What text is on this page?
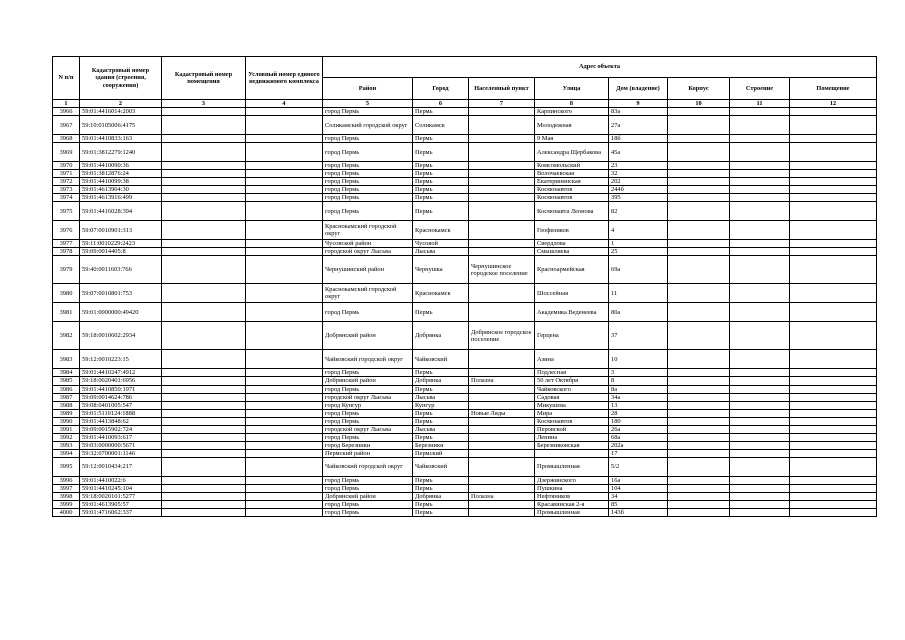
N п/п	Кадастровый номер здания (строения, сооружения)	Кадастровый номер помещения	Условный номер единого недвижимого комплекса	Адрес объекта							
				Район	Город	Населенный пункт	Улица	Дом (владение)	Корпус	Строение	Помещение
1	2	3	4	5	6	7	8	9	10	11	12
3966	59:01:4416014:2003			город Пермь	Пермь		Карпинского	83а			
3967	59:10:0105006:4175			Соликамский городской округ	Соликамск		Молодежная	27а			
3968	59:01:4410833:163			город Пермь	Пермь		9 Мая	18б			
3969	59:01:3812279:1240			город Пермь	Пермь		Александра Щербакова	45а			
3970	59:01:4410090:36			город Пермь	Пермь		Комсомольский	23			
3971	59:01:3812876:24			город Пермь	Пермь		Волочаевская	32			
3972	59:01:4410099:38			город Пермь	Пермь		Екатерининская	202			
3973	59:01:4613904:30			город Пермь	Пермь		Космонавтов	244б			
3974	59:01:4613916:499			город Пермь	Пермь		Космонавтов	395			
3975	59:01:4416028:394			город Пермь	Пермь		Космонавта Леонова	82			
3976	59:07:0010901:313			Краснокамский городской округ	Краснокамск		Геофизиков	4			
3977	59:11:0010229:2423			Чусовской район	Чусовой		Свердлова	1			
3978	59:09:0014405:8			городской округ Лысьва	Лысьва		Смышляева	25			
3979	59:40:0011603:766			Чернушинский район	Чернушка	Чернушинское городское поселение	Красноармейская	69а			
3980	59:07:0010801:753			Краснокамский городской округ	Краснокамск		Шоссейная	11			
3981	59:01:0000000:49420			город Пермь	Пермь		Академика Веденеева	80а			
3982	59:18:0010602:2934			Добрянский район	Добрянка	Добрянское городское поселение	Герцена	37			
3983	59:12:0010223:15			Чайковский городской округ	Чайковский		Азина	10			
3984	59:01:4410247:4912			город Пермь	Пермь		Подлесная	3			
3985	59:18:0020401:6956			Добрянский район	Добрянка	Полазна	50 лет Октября	8			
3986	59:01:4410850:1971			город Пермь	Пермь		Чайковского	8а			
3987	59:09:0014624:786			городской округ Лысьва	Лысьва		Садовая	34а			
3988	59:08:0401005:547			город Кунгур	Кунгур		Микушева	13			
3989	59:01:5110124:1888			город Пермь	Пермь	Новые Ляды	Мира	28			
3990	59:01:4413848:62			город Пермь	Пермь		Космонавтов	180			
3991	59:09:0015902:724			городской округ Лысьва	Лысьва		Перовской	26а			
3992	59:01:4410093:617			город Пермь	Пермь		Ленина	68а			
3993	59:03:0000000:5671			город Березники	Березники		Березниковская	202а			
3994	59:32:0700001:1146			Пермский район	Пермский			17			
3995	59:12:0010434:217			Чайковский городской округ	Чайковский		Промышленная	5/2			
3996	59:01:4410022:6			город Пермь	Пермь		Дзержинского	16а			
3997	59:01:4410245:104			город Пермь	Пермь		Пушкина	104			
3998	59:18:0020101:5277			Добрянский район	Добрянка	Полазна	Нефтяников	34			
3999	59:01:4613905:57			город Пермь	Пермь		Красавинская 2-я	85			
4000	59:01:4716062:337			город Пермь	Пермь		Промышленная	143б			
